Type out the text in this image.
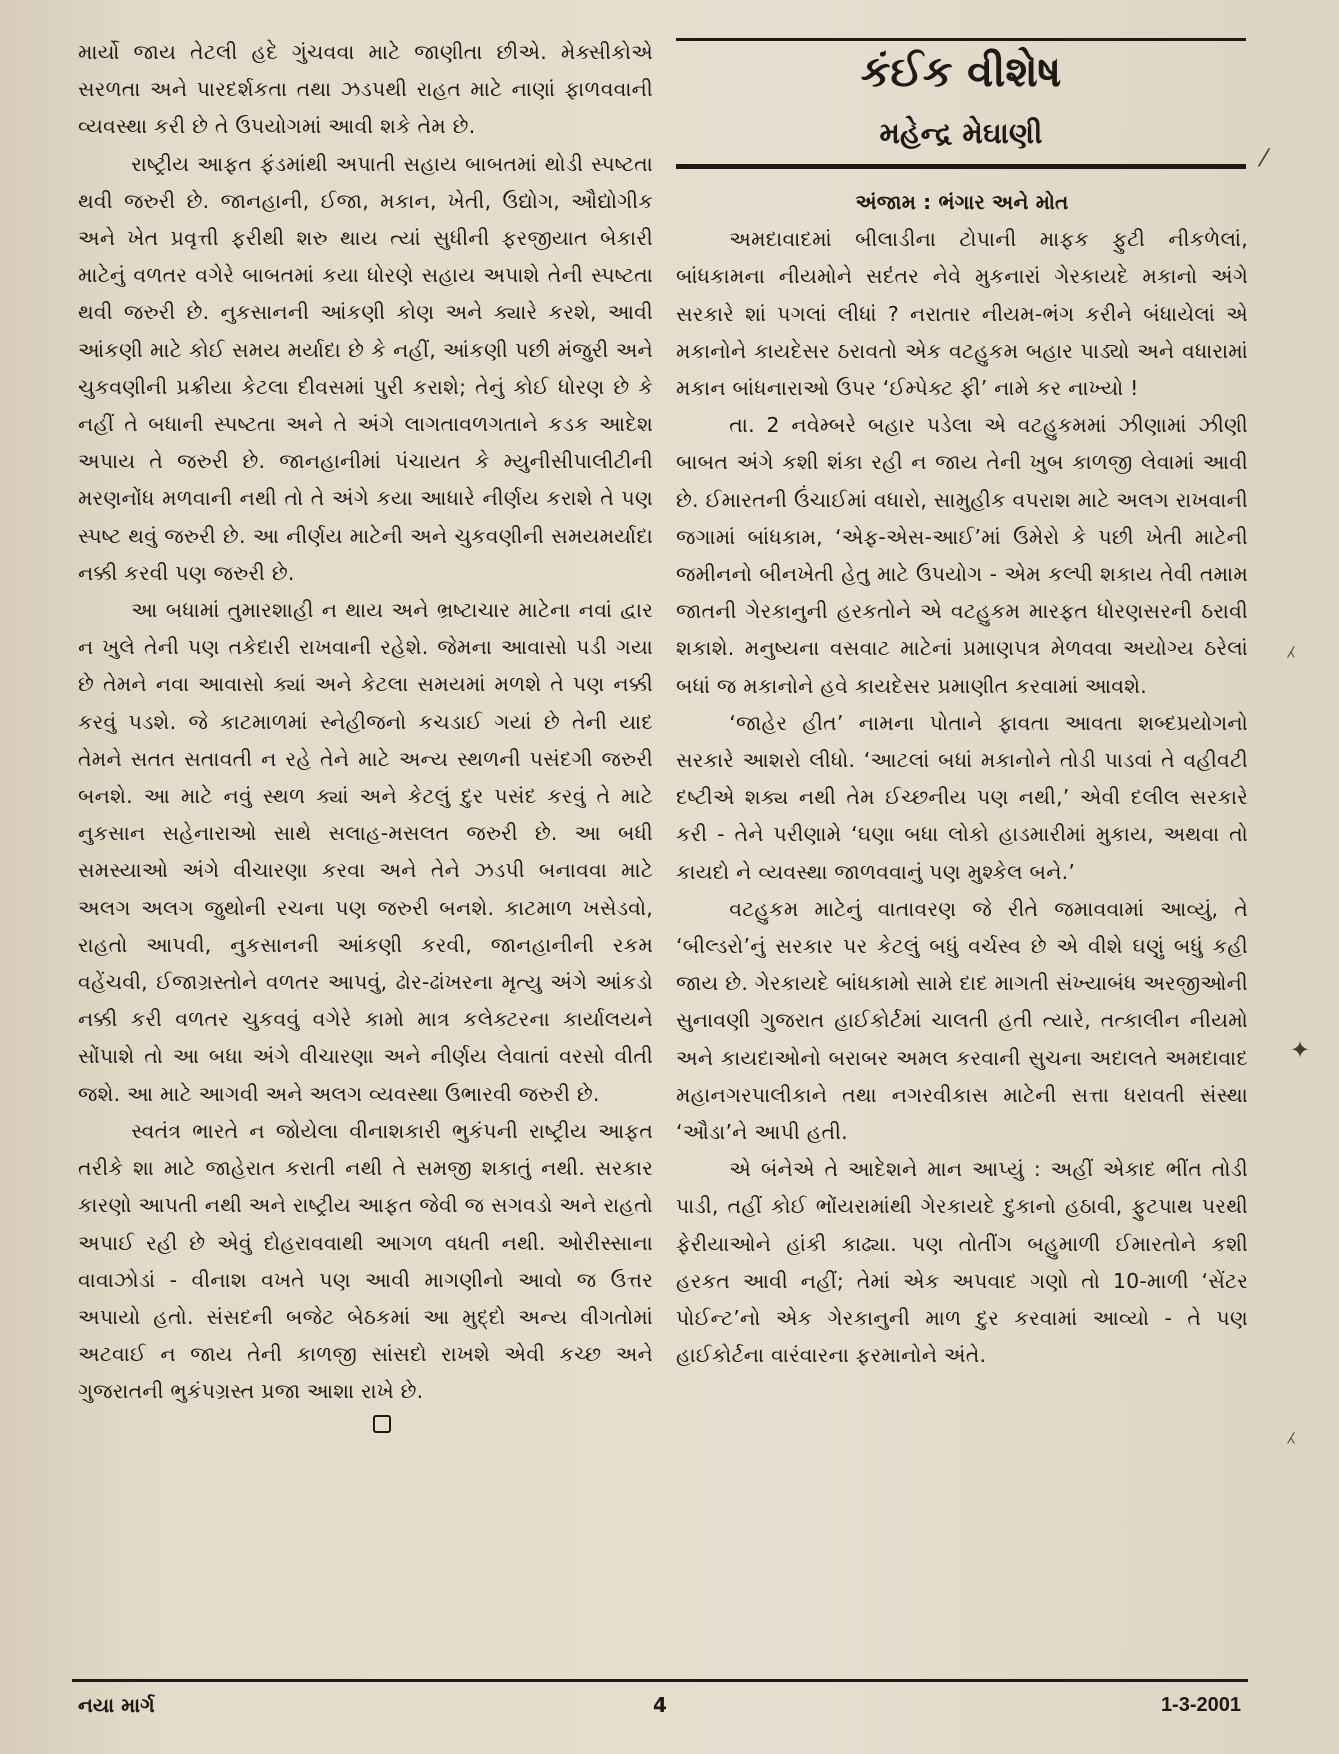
માર્યો જાય તેટલી હદે ગુંચવવા માટે જાણીતા છીએ. મેક્સીકોએ સરળતા અને પારદર્શકતા તથા ઝડપથી રાહત માટે નાણાં ફાળવવાની વ્યવસ્થા કરી છે તે ઉપયોગમાં આવી શકે તેમ છે.

રાષ્ટ્રીય આફત ફંડમાંથી અપાતી સહાય બાબતમાં થોડી સ્પષ્ટતા થવી જરુરી છે. જાનહાની, ઈજા, મકાન, ખેતી, ઉદ્યોગ, ઔદ્યોગીક અને ખેત પ્રવૃત્તી ફરીથી શરુ થાય ત્યાં સુધીની ફરજીયાત બેકારી માટેનું વળતર વગેરે બાબતમાં કયા ધોરણે સહાય અપાશે તેની સ્પષ્ટતા થવી જરુરી છે. નુકસાનની આંકણી કોણ અને ક્યારે કરશે, આવી આંકણી માટે કોઈ સમય મર્યાદા છે કે નહીં, આંકણી પછી મંજુરી અને ચુકવણીની પ્રક્રીયા કેટલા દીવસમાં પુરી કરાશે; તેનું કોઈ ધોરણ છે કે નહીં તે બધાની સ્પષ્ટતા અને તે અંગે લાગતાવળગતાને કડક આદેશ અપાય તે જરુરી છે. જાનહાનીમાં પંચાયત કે મ્યુનીસીપાલીટીની મરણનોંધ મળવાની નથી તો તે અંગે કયા આધારે નીર્ણય કરાશે તે પણ સ્પષ્ટ થવું જરુરી છે. આ નીર્ણય માટેની અને ચુકવણીની સમયમર્યાદા નક્કી કરવી પણ જરુરી છે.

આ બધામાં તુમારશાહી ન થાય અને ભ્રષ્ટાચાર માટેના નવાં દ્વાર ન ખુલે તેની પણ તકેદારી રાખવાની રહેશે. જેમના આવાસો પડી ગયા છે તેમને નવા આવાસો ક્યાં અને કેટલા સમયમાં મળશે તે પણ નક્કી કરવું પડશે. જે કાટમાળમાં સ્નેહીજનો કચડાઈ ગયાં છે તેની યાદ તેમને સતત સતાવતી ન રહે તેને માટે અન્ય સ્થળની પસંદગી જરુરી બનશે. આ માટે નવું સ્થળ ક્યાં અને કેટલું દુર પસંદ કરવું તે માટે નુકસાન સહેનારાઓ સાથે સલાહ-મસલત જરુરી છે. આ બધી સમસ્યાઓ અંગે વીચારણા કરવા અને તેને ઝડપી બનાવવા માટે અલગ અલગ જુથોની રચના પણ જરુરી બનશે. કાટમાળ ખસેડવો, રાહતો આપવી, નુકસાનની આંકણી કરવી, જાનહાનીની રકમ વહેંચવી, ઈજાગ્રસ્તોને વળતર આપવું, ઢોર-ઢાંખરના મૃત્યુ અંગે આંકડો નક્કી કરી વળતર ચુકવવું વગેરે કામો માત્ર કલેક્ટરના કાર્યાલયને સોંપાશે તો આ બધા અંગે વીચારણા અને નીર્ણય લેવાતાં વરસો વીતી જશે. આ માટે આગવી અને અલગ વ્યવસ્થા ઉભારવી જરુરી છે.

સ્વતંત્ર ભારતે ન જોયેલા વીનાશકારી ભુકંપની રાષ્ટ્રીય આફત તરીકે શા માટે જાહેરાત કરાતી નથી તે સમજી શકાતું નથી. સરકાર કારણો આપતી નથી અને રાષ્ટ્રીય આફત જેવી જ સગવડો અને રાહતો અપાઈ રહી છે એવું દોહરાવવાથી આગળ વધતી નથી. ઓરીસ્સાના વાવાઝોડાં - વીનાશ વખતે પણ આવી માગણીનો આવો જ ઉત્તર અપાયો હતો. સંસદની બજેટ બેઠકમાં આ મુદ્દો અન્ય વીગતોમાં અટવાઈ ન જાય તેની કાળજી સાંસદો રાખશે એવી કચ્છ અને ગુજરાતની ભુકંપગ્રસ્ત પ્રજા આશા રાખે છે.

કંઈક વીશેષ
મહેન્દ્ર મેઘાણી

અંજામ : ભંગાર અને મોત

અમદાવાદમાં બીલાડીના ટોપાની માફક ફુટી નીકળેલાં, બાંધકામના નીયમોને સદંતર નેવે મુકનારાં ગેરકાયદે મકાનો અંગે સરકારે શાં પગલાં લીધાં ? નરાતાર નીયમ-ભંગ કરીને બંધાયેલાં એ મકાનોને કાયદેસર ઠરાવતો એક વટહુકમ બહાર પાડ્યો અને વધારામાં મકાન બાંધનારાઓ ઉપર ‘ઈમ્પેક્ટ ફી’ નામે કર નાખ્યો !

તા. 2 નવેમ્બરે બહાર પડેલા એ વટહુકમમાં ઝીણામાં ઝીણી બાબત અંગે કશી શંકા રહી ન જાય તેની ખુબ કાળજી લેવામાં આવી છે. ઈમારતની ઉંચાઈમાં વધારો, સામુહીક વપરાશ માટે અલગ રાખવાની જગામાં બાંધકામ, ‘એફ-એસ-આઈ’માં ઉમેરો કે પછી ખેતી માટેની જમીનનો બીનખેતી હેતુ માટે ઉપયોગ - એમ કલ્પી શકાય તેવી તમામ જાતની ગેરકાનુની હરકતોને એ વટહુકમ મારફત ધોરણસરની ઠરાવી શકાશે. મનુષ્યના વસવાટ માટેનાં પ્રમાણપત્ર મેળવવા અયોગ્ય ઠરેલાં બધાં જ મકાનોને હવે કાયદેસર પ્રમાણીત કરવામાં આવશે.

‘જાહેર હીત’ નામના પોતાને ફાવતા આવતા શબ્દપ્રયોગનો સરકારે આશરો લીધો. ‘આટલાં બધાં મકાનોને તોડી પાડવાં તે વહીવટી દષ્ટીએ શક્ય નથી તેમ ઈચ્છનીય પણ નથી,’ એવી દલીલ સરકારે કરી - તેને પરીણામે ‘ઘણા બધા લોકો હાડમારીમાં મુકાય, અથવા તો કાયદો ને વ્યવસ્થા જાળવવાનું પણ મુશ્કેલ બને.’

વટહુકમ માટેનું વાતાવરણ જે રીતે જમાવવામાં આવ્યું, તે ‘બીલ્ડરો’નું સરકાર પર કેટલું બધું વર્ચસ્વ છે એ વીશે ઘણું બધું કહી જાય છે. ગેરકાયદે બાંધકામો સામે દાદ માગતી સંખ્યાબંધ અરજીઓની સુનાવણી ગુજરાત હાઈકોર્ટમાં ચાલતી હતી ત્યારે, તત્કાલીન નીયમો અને કાયદાઓનો બરાબર અમલ કરવાની સુચના અદાલતે અમદાવાદ મહાનગરપાલીકાને તથા નગરવીકાસ માટેની સત્તા ધરાવતી સંસ્થા ‘ઔડા’ને આપી હતી.

એ બંનેએ તે આદેશને માન આપ્યું : અહીં એકાદ ભીંત તોડી પાડી, તહીં કોઈ ભોંયરામાંથી ગેરકાયદે દુકાનો હઠાવી, ફુટપાથ પરથી ફેરીયાઓને હાંકી કાઢ્યા. પણ તોતીંગ બહુમાળી ઈમારતોને કશી હરકત આવી નહીં; તેમાં એક અપવાદ ગણો તો 10-માળી ‘સેંટર પોઈન્ટ’નો એક ગેરકાનુની માળ દુર કરવામાં આવ્યો - તે પણ હાઈકોર્ટના વારંવારના ફરમાનોને અંતે.

⁄
⁁
✦
⁁
નયા માર્ગ	4	1-3-2001
